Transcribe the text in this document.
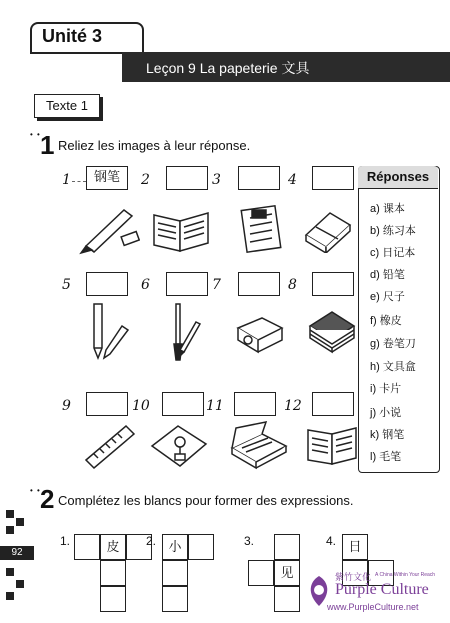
Unité 3
Leçon 9 La papeterie 文具
Texte 1
• • 1 Reliez les images à leur réponse.
1	钢笔	2	3	4
5	6	7	8
9	10	11	12
Réponses
a) 课本
b) 练习本
c) 日记本
d) 铅笔
e) 尺子
f) 橡皮
g) 卷笔刀
h) 文具盒
i) 卡片
j) 小说
k) 钢笔
l) 毛笔
• • 2 Complétez les blancs pour former des expressions.
1.	皮	2. 小	3.
见
4. 日
92
紫竹文化 A China Within Your Reach
Purple Culture
www.PurpleCulture.net
